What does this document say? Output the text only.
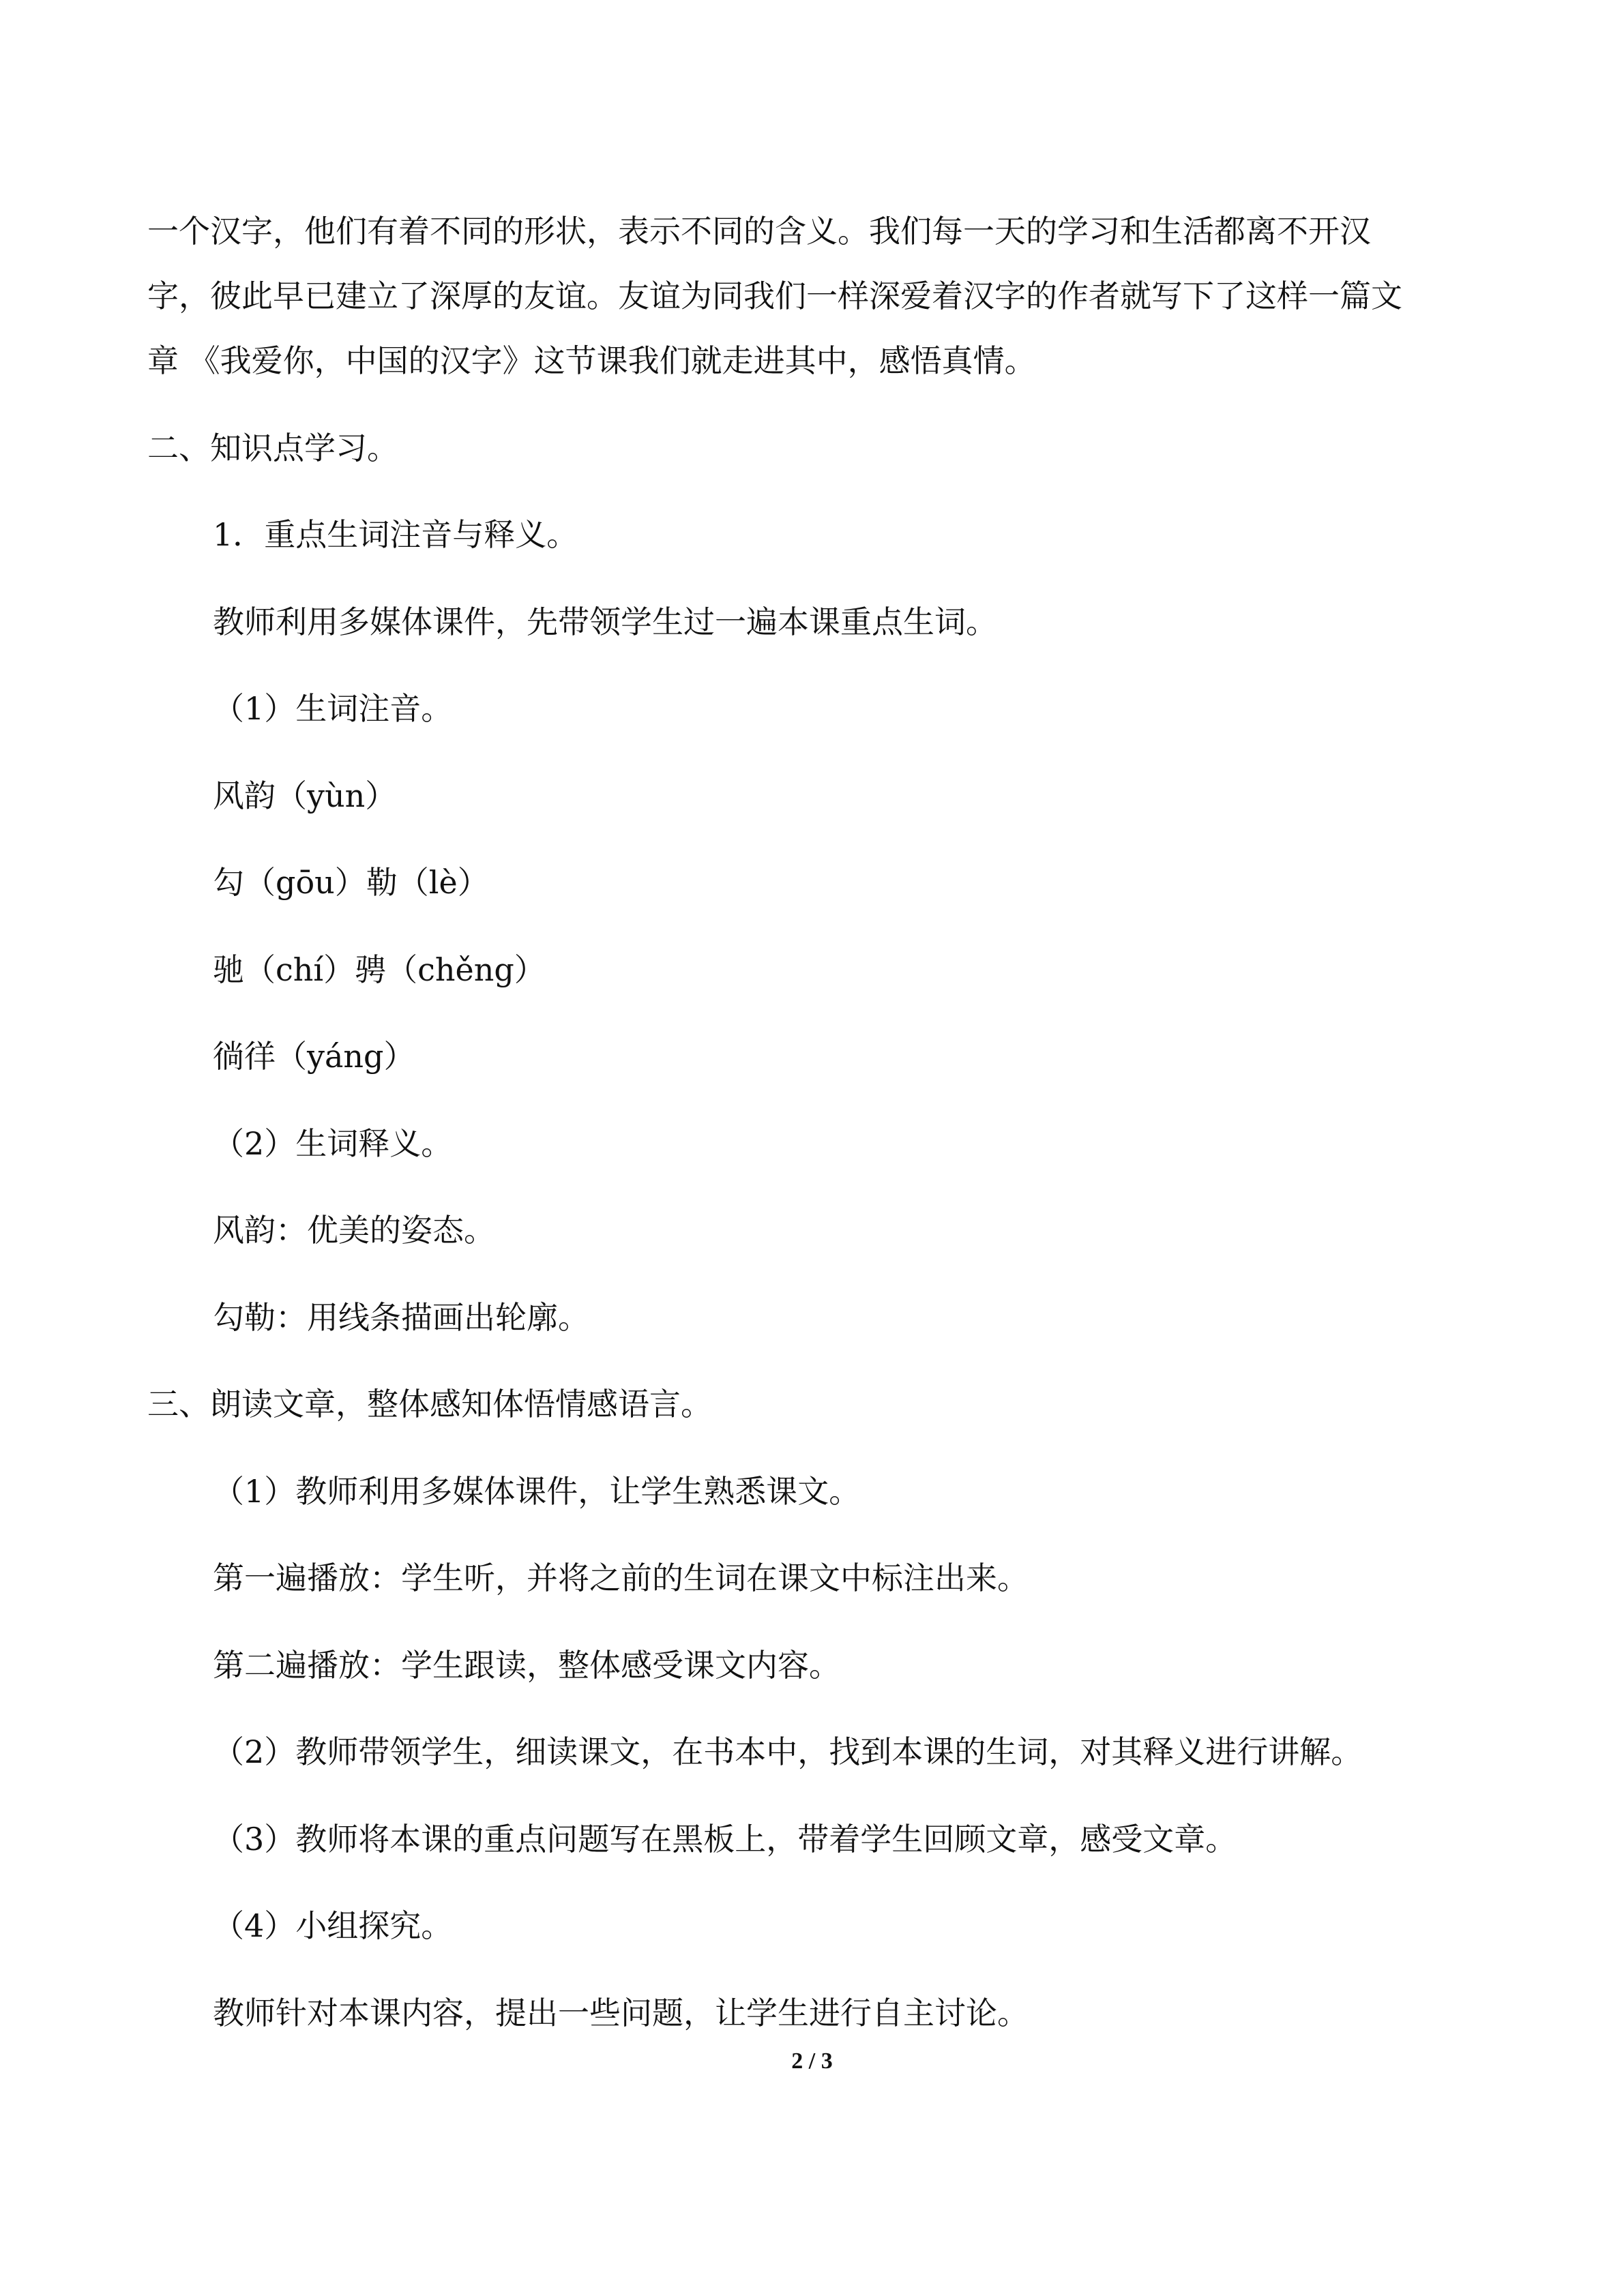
一个汉字，他们有着不同的形状，表示不同的含义。我们每一天的学习和生活都离不开汉
字，彼此早已建立了深厚的友谊。友谊为同我们一样深爱着汉字的作者就写下了这样一篇文
章 《我爱你，中国的汉字》这节课我们就走进其中，感悟真情。
二、知识点学习。
1．重点生词注音与释义。
教师利用多媒体课件，先带领学生过一遍本课重点生词。
（1）生词注音。
风韵（yùn）
勾（gōu）勒（lè）
驰（chí）骋（chěng）
徜徉（yáng）
（2）生词释义。
风韵：优美的姿态。
勾勒：用线条描画出轮廓。
三、朗读文章，整体感知体悟情感语言。
（1）教师利用多媒体课件，让学生熟悉课文。
第一遍播放：学生听，并将之前的生词在课文中标注出来。
第二遍播放：学生跟读，整体感受课文内容。
（2）教师带领学生，细读课文，在书本中，找到本课的生词，对其释义进行讲解。
（3）教师将本课的重点问题写在黑板上，带着学生回顾文章，感受文章。
（4）小组探究。
教师针对本课内容，提出一些问题，让学生进行自主讨论。
2 / 3
